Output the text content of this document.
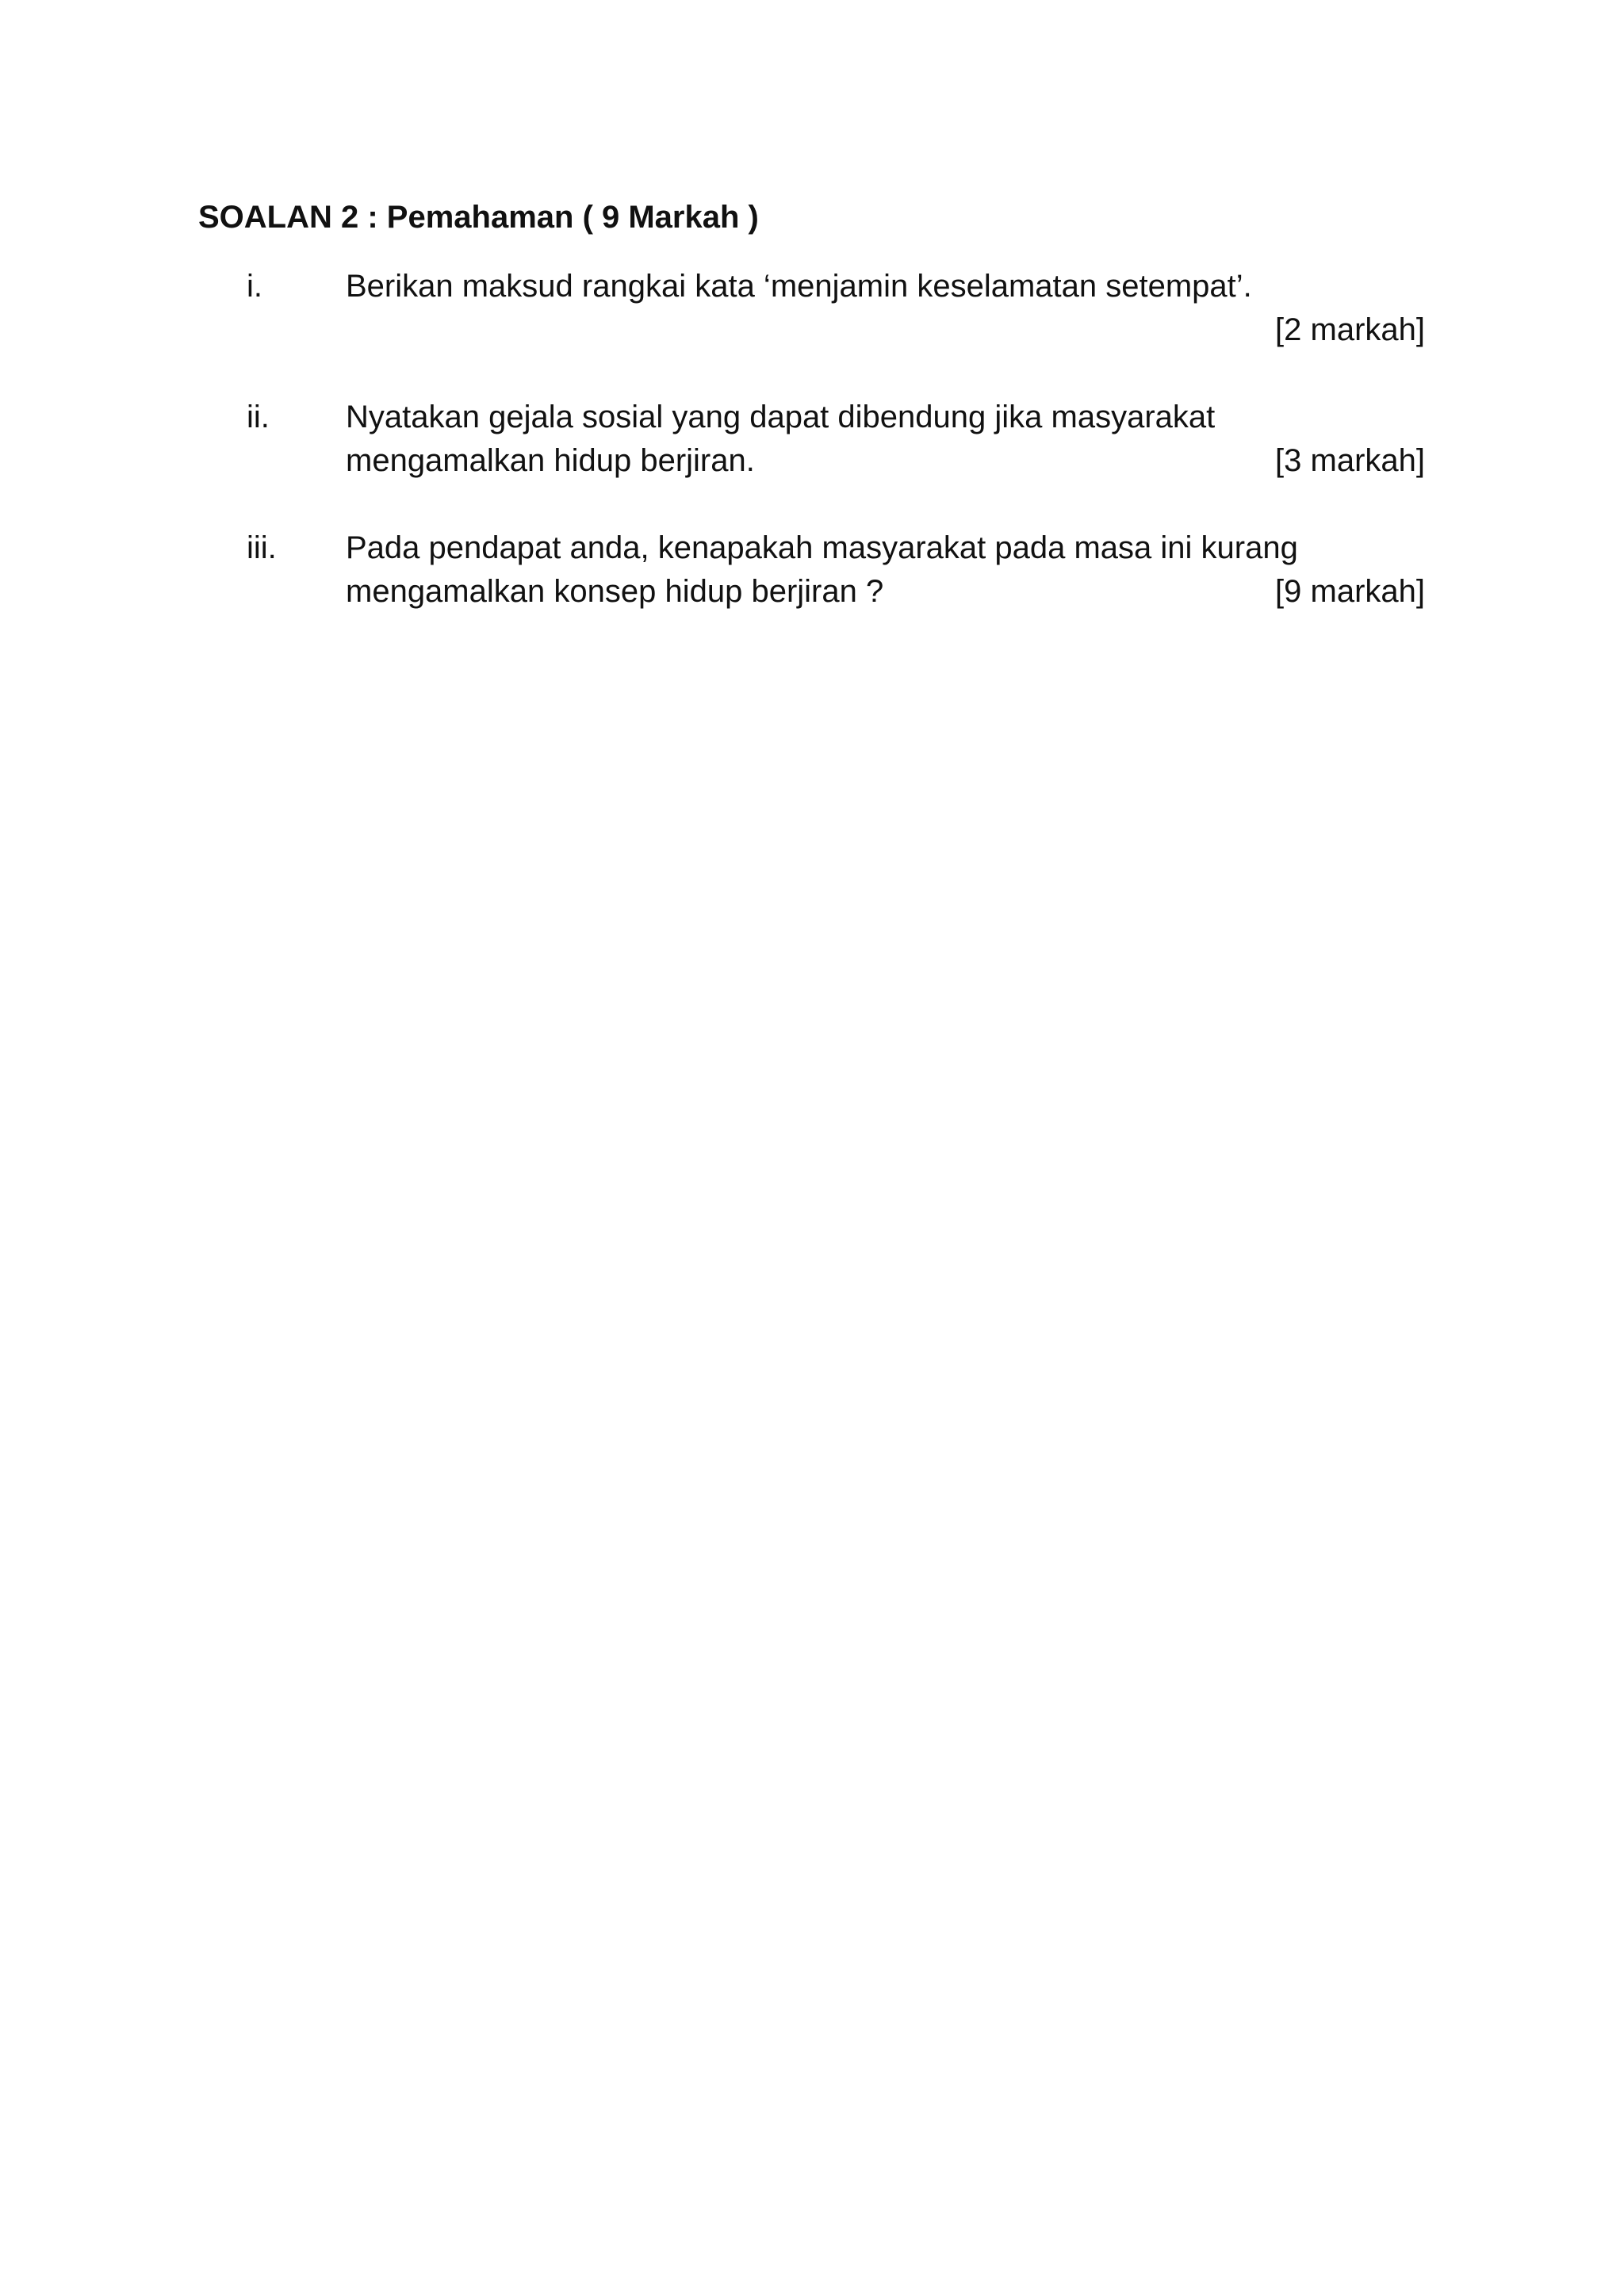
SOALAN 2 : Pemahaman ( 9 Markah )
i.	Berikan maksud rangkai kata ‘menjamin keselamatan setempat’.
[2 markah]
ii. Nyatakan gejala sosial yang dapat dibendung jika masyarakat
mengamalkan hidup berjiran.	[3 markah]
iii. Pada pendapat anda, kenapakah masyarakat pada masa ini kurang
mengamalkan konsep hidup berjiran ?	[9 markah]
